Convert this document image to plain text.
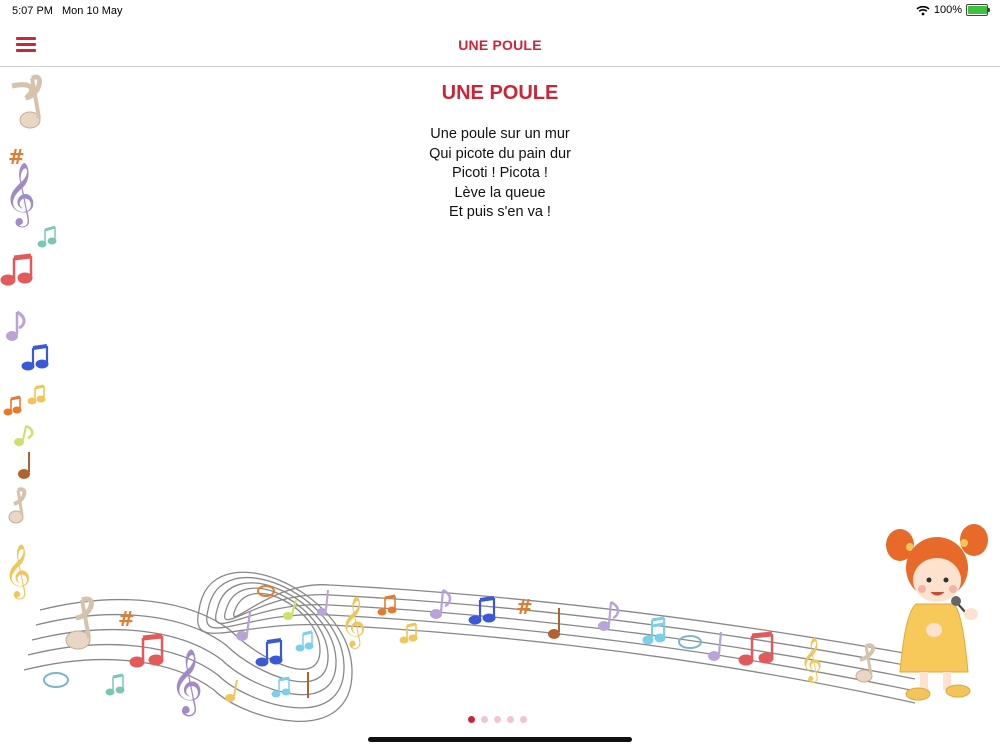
5:07 PM Mon 10 May	100%
UNE POULE
UNE POULE
Une poule sur un mur
Qui picote du pain dur
Picoti ! Picota !
Lève la queue
Et puis s'en va !
#
𝄞
𝄞
#
𝄞
𝄞	#
𝄞
